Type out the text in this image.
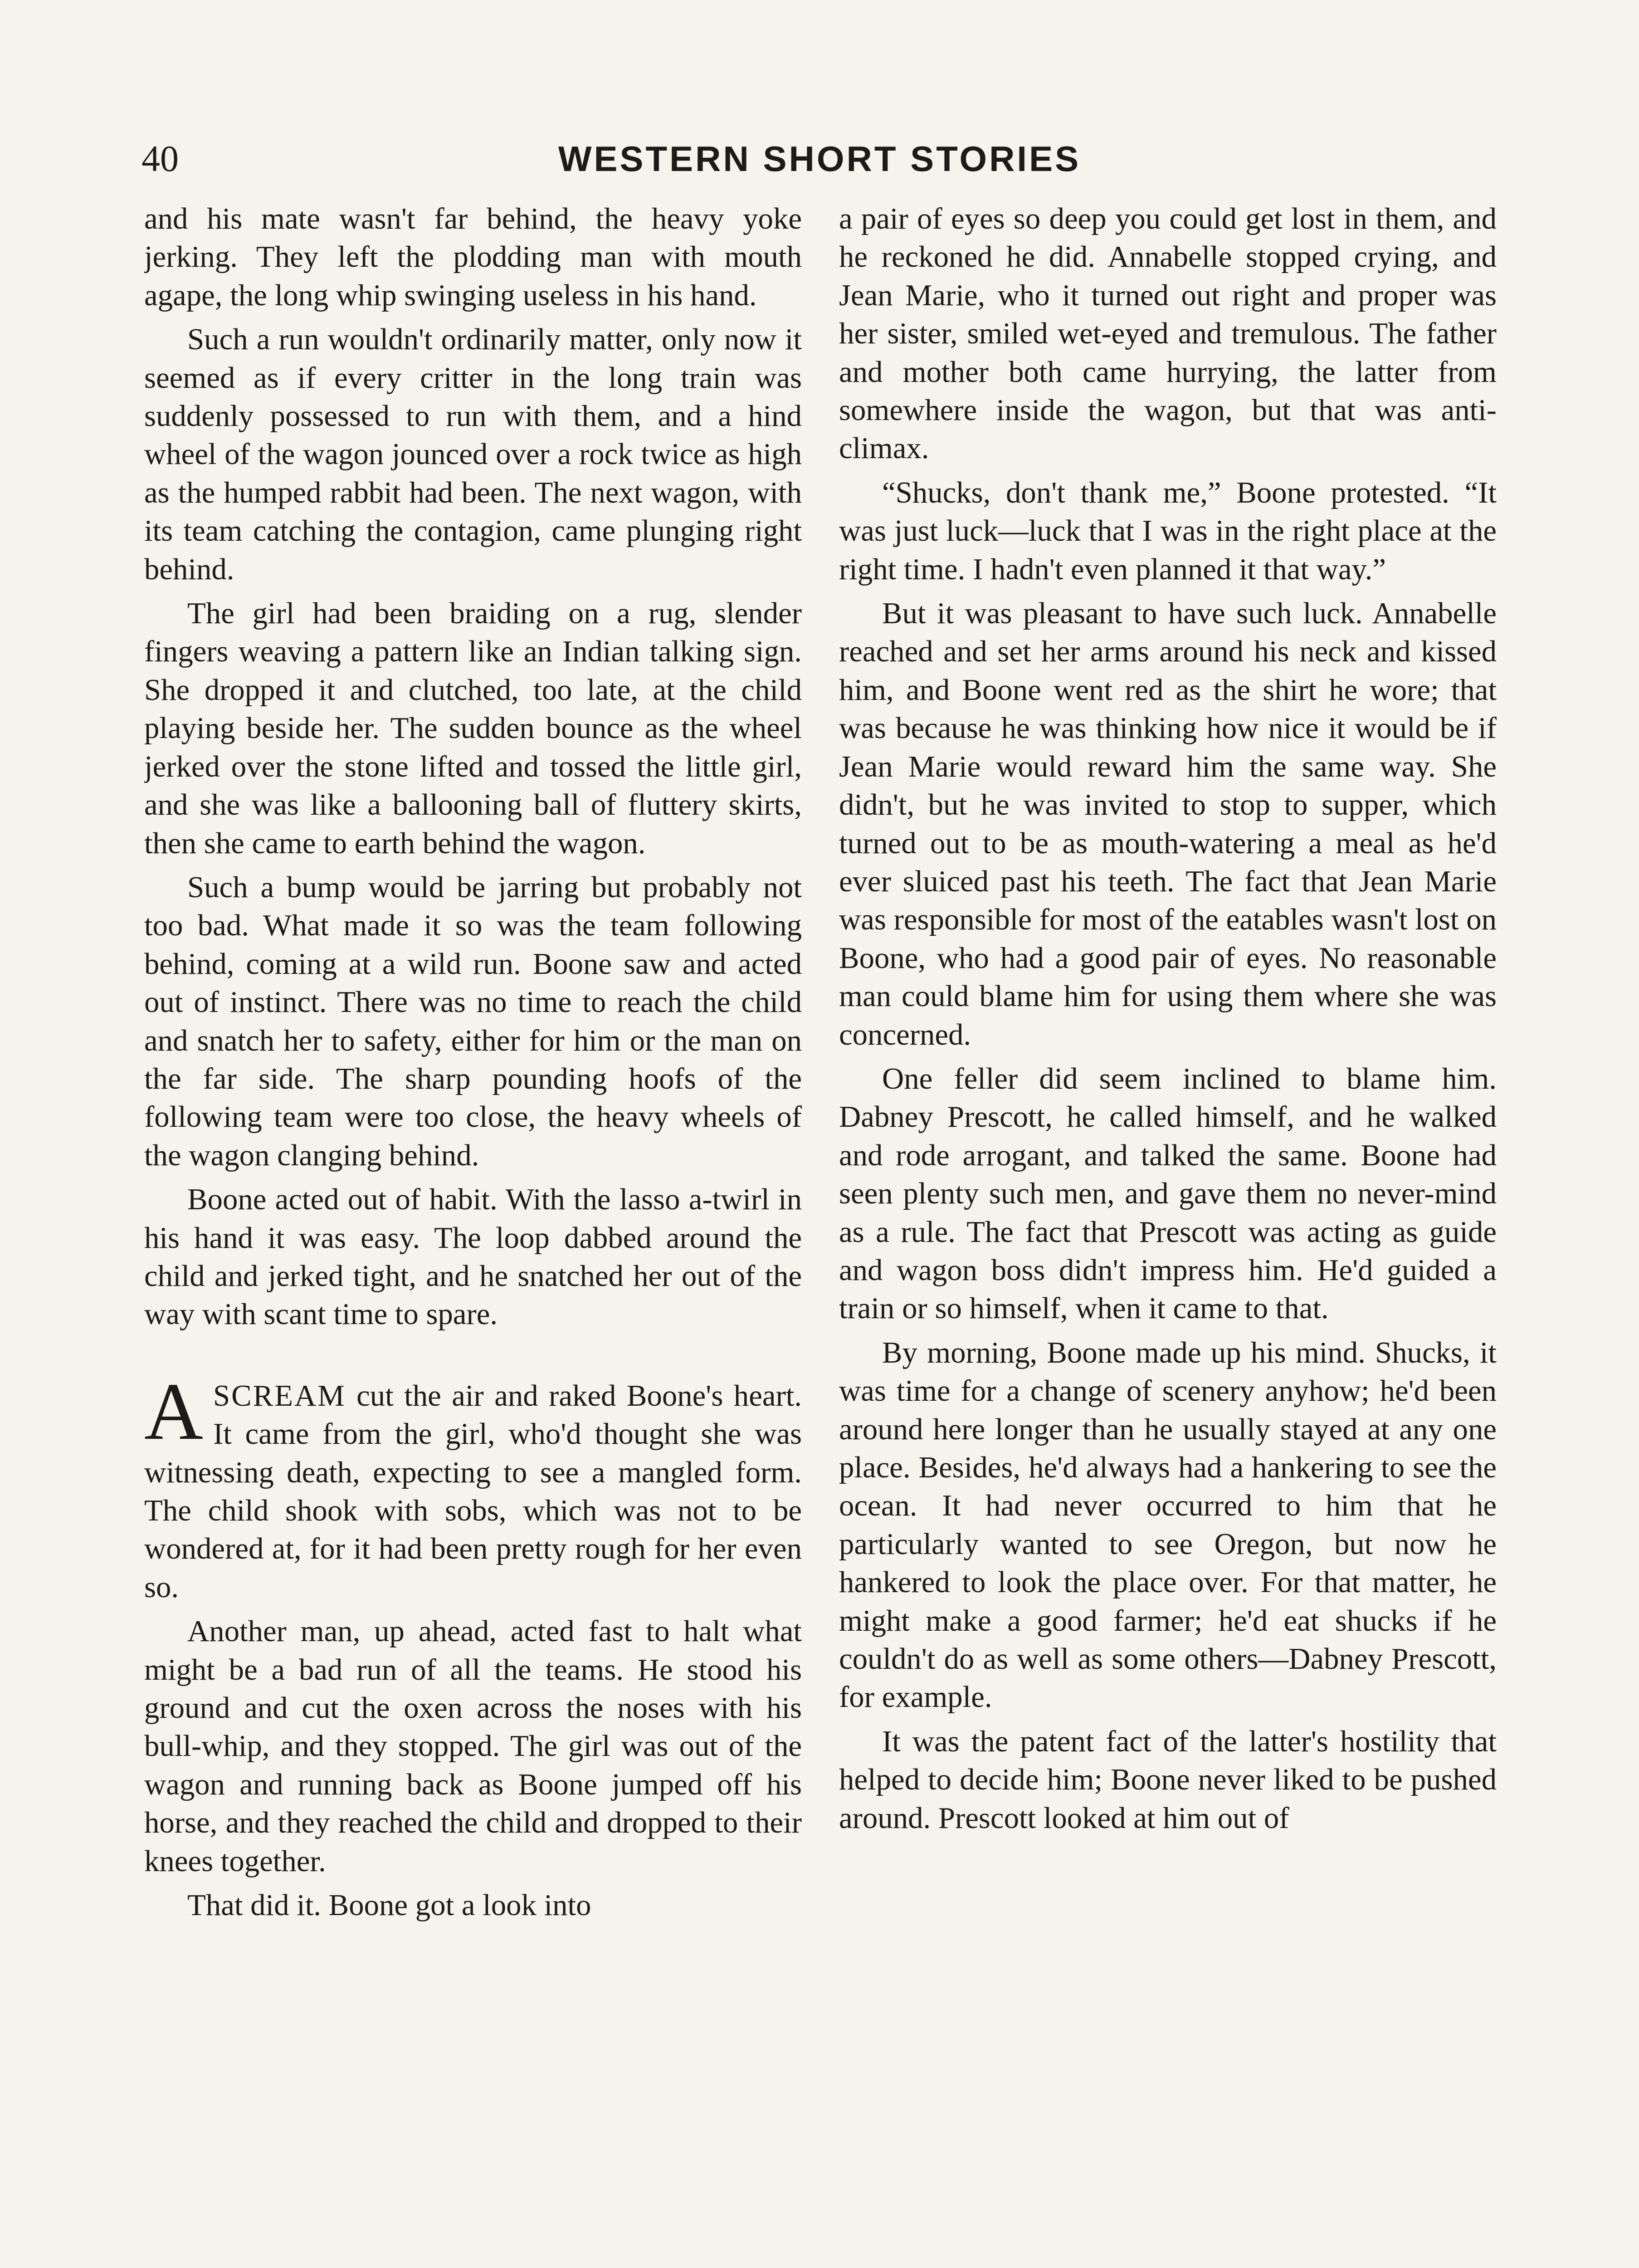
40	WESTERN SHORT STORIES

and his mate wasn't far behind, the heavy yoke jerking. They left the plodding man with mouth agape, the long whip swinging useless in his hand.

Such a run wouldn't ordinarily matter, only now it seemed as if every critter in the long train was suddenly possessed to run with them, and a hind wheel of the wagon jounced over a rock twice as high as the humped rabbit had been. The next wagon, with its team catching the contagion, came plunging right behind.

The girl had been braiding on a rug, slender fingers weaving a pattern like an Indian talking sign. She dropped it and clutched, too late, at the child playing beside her. The sudden bounce as the wheel jerked over the stone lifted and tossed the little girl, and she was like a ballooning ball of fluttery skirts, then she came to earth behind the wagon.

Such a bump would be jarring but probably not too bad. What made it so was the team following behind, coming at a wild run. Boone saw and acted out of instinct. There was no time to reach the child and snatch her to safety, either for him or the man on the far side. The sharp pounding hoofs of the following team were too close, the heavy wheels of the wagon clanging behind.

Boone acted out of habit. With the lasso a-twirl in his hand it was easy. The loop dabbed around the child and jerked tight, and he snatched her out of the way with scant time to spare.

ASCREAM cut the air and raked Boone's heart. It came from the girl, who'd thought she was witnessing death, expecting to see a mangled form. The child shook with sobs, which was not to be wondered at, for it had been pretty rough for her even so.

Another man, up ahead, acted fast to halt what might be a bad run of all the teams. He stood his ground and cut the oxen across the noses with his bull-whip, and they stopped. The girl was out of the wagon and running back as Boone jumped off his horse, and they reached the child and dropped to their knees together.

That did it. Boone got a look into

a pair of eyes so deep you could get lost in them, and he reckoned he did. Annabelle stopped crying, and Jean Marie, who it turned out right and proper was her sister, smiled wet-eyed and tremulous. The father and mother both came hurrying, the latter from somewhere inside the wagon, but that was anti-climax.

“Shucks, don't thank me,” Boone protested. “It was just luck—luck that I was in the right place at the right time. I hadn't even planned it that way.”

But it was pleasant to have such luck. Annabelle reached and set her arms around his neck and kissed him, and Boone went red as the shirt he wore; that was because he was thinking how nice it would be if Jean Marie would reward him the same way. She didn't, but he was invited to stop to supper, which turned out to be as mouth-watering a meal as he'd ever sluiced past his teeth. The fact that Jean Marie was responsible for most of the eatables wasn't lost on Boone, who had a good pair of eyes. No reasonable man could blame him for using them where she was concerned.

One feller did seem inclined to blame him. Dabney Prescott, he called himself, and he walked and rode arrogant, and talked the same. Boone had seen plenty such men, and gave them no never-mind as a rule. The fact that Prescott was acting as guide and wagon boss didn't impress him. He'd guided a train or so himself, when it came to that.

By morning, Boone made up his mind. Shucks, it was time for a change of scenery anyhow; he'd been around here longer than he usually stayed at any one place. Besides, he'd always had a hankering to see the ocean. It had never occurred to him that he particularly wanted to see Oregon, but now he hankered to look the place over. For that matter, he might make a good farmer; he'd eat shucks if he couldn't do as well as some others—Dabney Prescott, for example.

It was the patent fact of the latter's hostility that helped to decide him; Boone never liked to be pushed around. Prescott looked at him out of
